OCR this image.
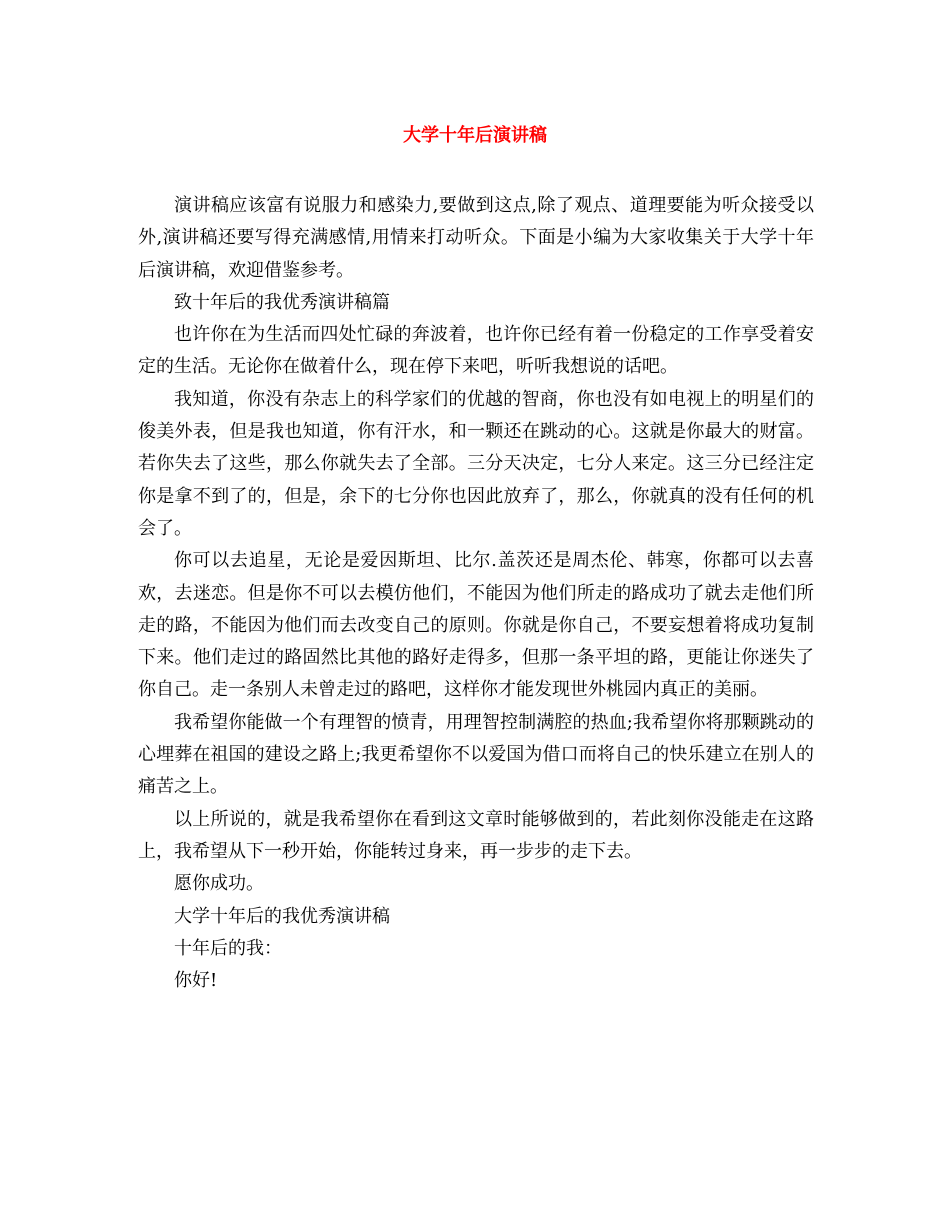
大学十年后演讲稿

演讲稿应该富有说服力和感染力,要做到这点,除了观点、道理要能为听众接受以外,演讲稿还要写得充满感情,用情来打动听众。下面是小编为大家收集关于大学十年后演讲稿，欢迎借鉴参考。

致十年后的我优秀演讲稿篇

也许你在为生活而四处忙碌的奔波着，也许你已经有着一份稳定的工作享受着安定的生活。无论你在做着什么，现在停下来吧，听听我想说的话吧。

我知道，你没有杂志上的科学家们的优越的智商，你也没有如电视上的明星们的俊美外表，但是我也知道，你有汗水，和一颗还在跳动的心。这就是你最大的财富。若你失去了这些，那么你就失去了全部。三分天决定，七分人来定。这三分已经注定你是拿不到了的，但是，余下的七分你也因此放弃了，那么，你就真的没有任何的机会了。

你可以去追星，无论是爱因斯坦、比尔.盖茨还是周杰伦、韩寒，你都可以去喜欢，去迷恋。但是你不可以去模仿他们，不能因为他们所走的路成功了就去走他们所走的路，不能因为他们而去改变自己的原则。你就是你自己，不要妄想着将成功复制下来。他们走过的路固然比其他的路好走得多，但那一条平坦的路，更能让你迷失了你自己。走一条别人未曾走过的路吧，这样你才能发现世外桃园内真正的美丽。

我希望你能做一个有理智的愤青，用理智控制满腔的热血;我希望你将那颗跳动的心埋葬在祖国的建设之路上;我更希望你不以爱国为借口而将自己的快乐建立在别人的痛苦之上。

以上所说的，就是我希望你在看到这文章时能够做到的，若此刻你没能走在这路上，我希望从下一秒开始，你能转过身来，再一步步的走下去。

愿你成功。

大学十年后的我优秀演讲稿

十年后的我：

你好!
